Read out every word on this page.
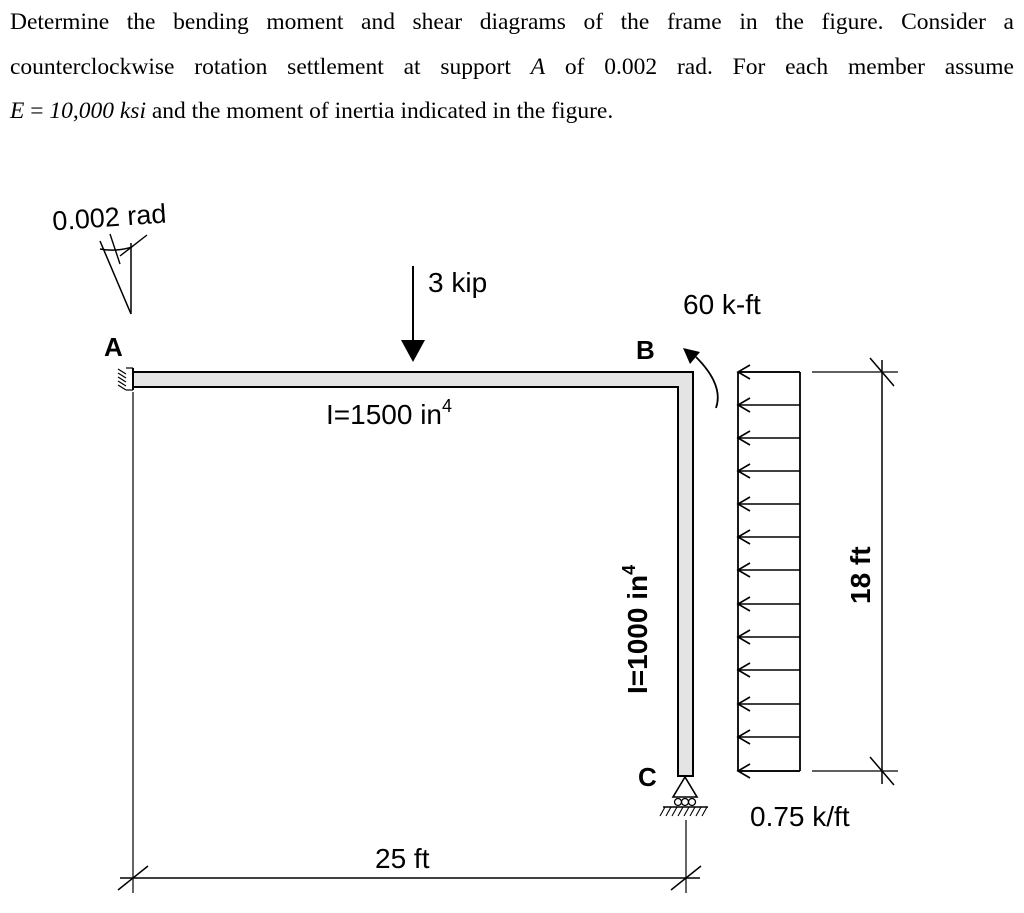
Determine the bending moment and shear diagrams of the frame in the figure. Consider a
counterclockwise rotation settlement at support A of 0.002 rad. For each member assume
E = 10,000 ksi and the moment of inertia indicated in the figure.
0.002 rad
A	B
C
3 kip
I=1500 $in^4$
I=1000 $in^4$
60 k-ft
0.75 k/ft
25 ft
18 ft
